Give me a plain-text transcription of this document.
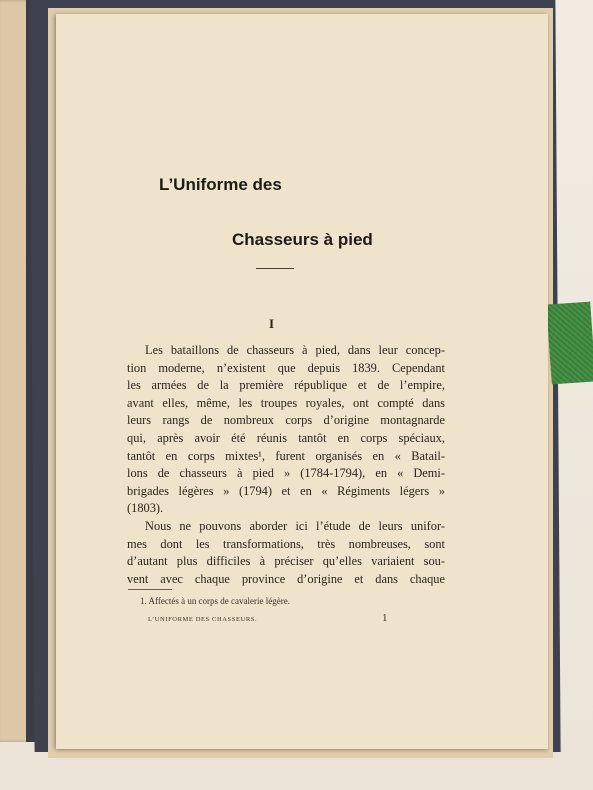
L’Uniforme des
Chasseurs à pied
I
Les bataillons de chasseurs à pied, dans leur concep-
tion moderne, n’existent que depuis 1839. Cependant
les armées de la première république et de l’empire,
avant elles, même, les troupes royales, ont compté dans
leurs rangs de nombreux corps d’origine montagnarde
qui, après avoir été réunis tantôt en corps spéciaux,
tantôt en corps mixtes¹, furent organisés en « Batail-
lons de chasseurs à pied » (1784-1794), en « Demi-
brigades légères » (1794) et en « Régiments légers »
(1803).
Nous ne pouvons aborder ici l’étude de leurs unifor-
mes dont les transformations, très nombreuses, sont
d’autant plus difficiles à préciser qu’elles variaient sou-
1. Affectés à un corps de cavalerie légère.
L’UNIFORME DES CHASSEURS.	1
vent avec chaque province d’origine et dans chaque
